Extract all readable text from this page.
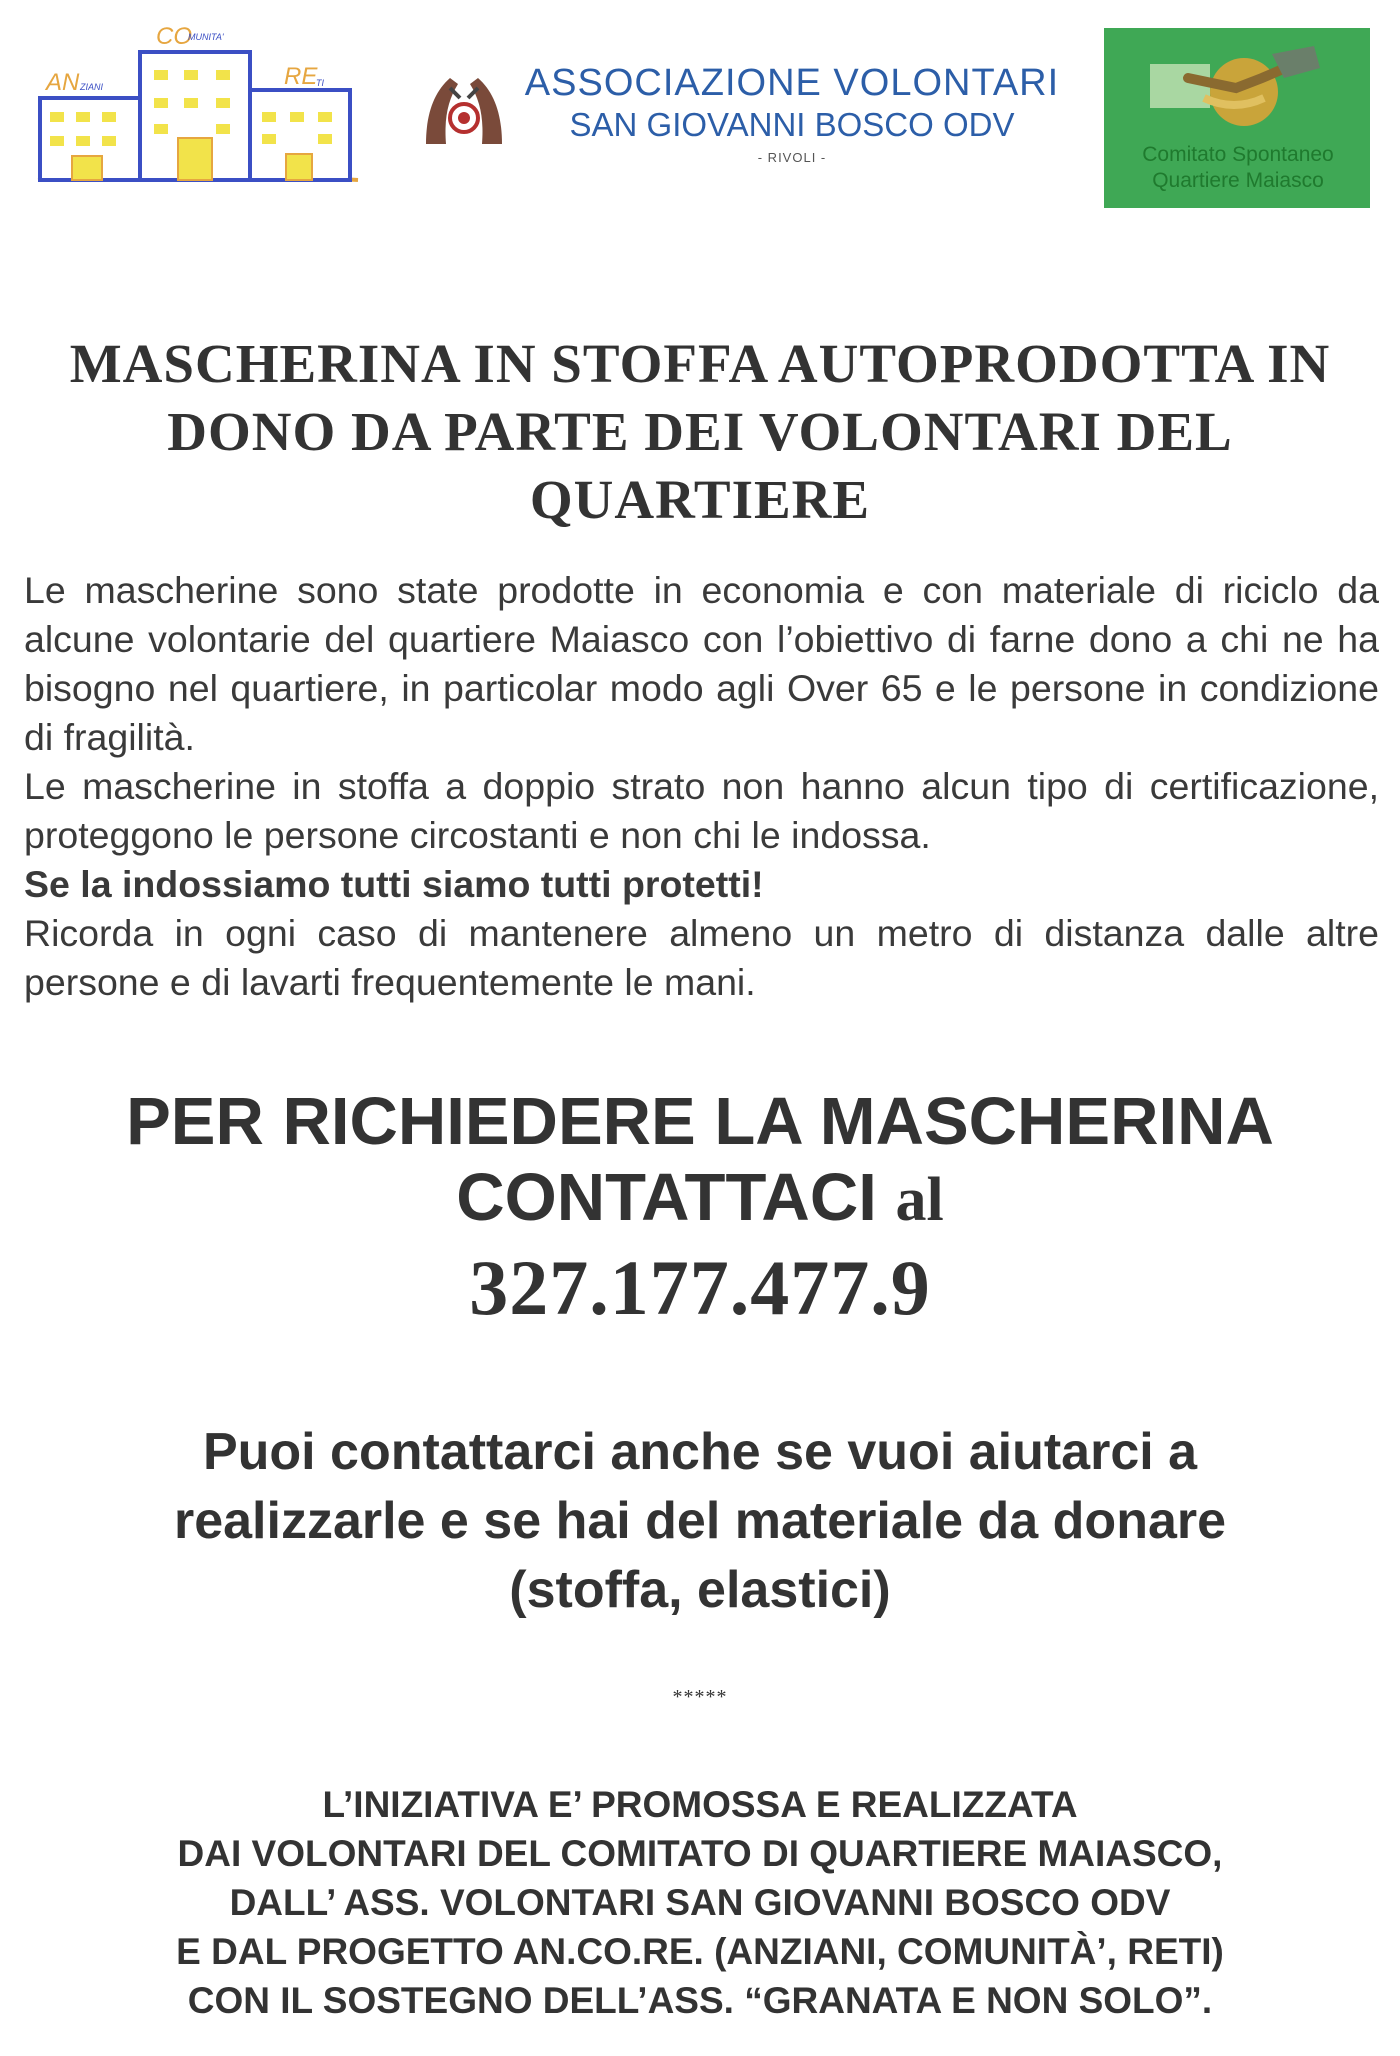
CO
MUNITA'
AN ZIANI	RE
TI	ASSOCIAZIONE VOLONTARI
SAN GIOVANNI BOSCO ODV
- RIVOLI -	Comitato Spontaneo
Quartiere Maiasco
MASCHERINA IN STOFFA AUTOPRODOTTA IN
DONO DA PARTE DEI VOLONTARI DEL
QUARTIERE

Le mascherine sono state prodotte in economia e con materiale di riciclo da alcune volontarie del quartiere Maiasco con l’obiettivo di farne dono a chi ne ha bisogno nel quartiere, in particolar modo agli Over 65 e le persone in condizione di fragilità.

Le mascherine in stoffa a doppio strato non hanno alcun tipo di certificazione, proteggono le persone circostanti e non chi le indossa.

Se la indossiamo tutti siamo tutti protetti!

Ricorda in ogni caso di mantenere almeno un metro di distanza dalle altre persone e di lavarti frequentemente le mani.

PER RICHIEDERE LA MASCHERINA
CONTATTACI al
327.177.477.9
Puoi contattarci anche se vuoi aiutarci a
realizzarle e se hai del materiale da donare
(stoffa, elastici)
*****

L’INIZIATIVA E’ PROMOSSA E REALIZZATA

DAI VOLONTARI DEL COMITATO DI QUARTIERE MAIASCO,

DALL’ ASS. VOLONTARI SAN GIOVANNI BOSCO ODV

E DAL PROGETTO AN.CO.RE. (ANZIANI, COMUNITÀ’, RETI)

CON IL SOSTEGNO DELL’ASS. “GRANATA E NON SOLO”.
